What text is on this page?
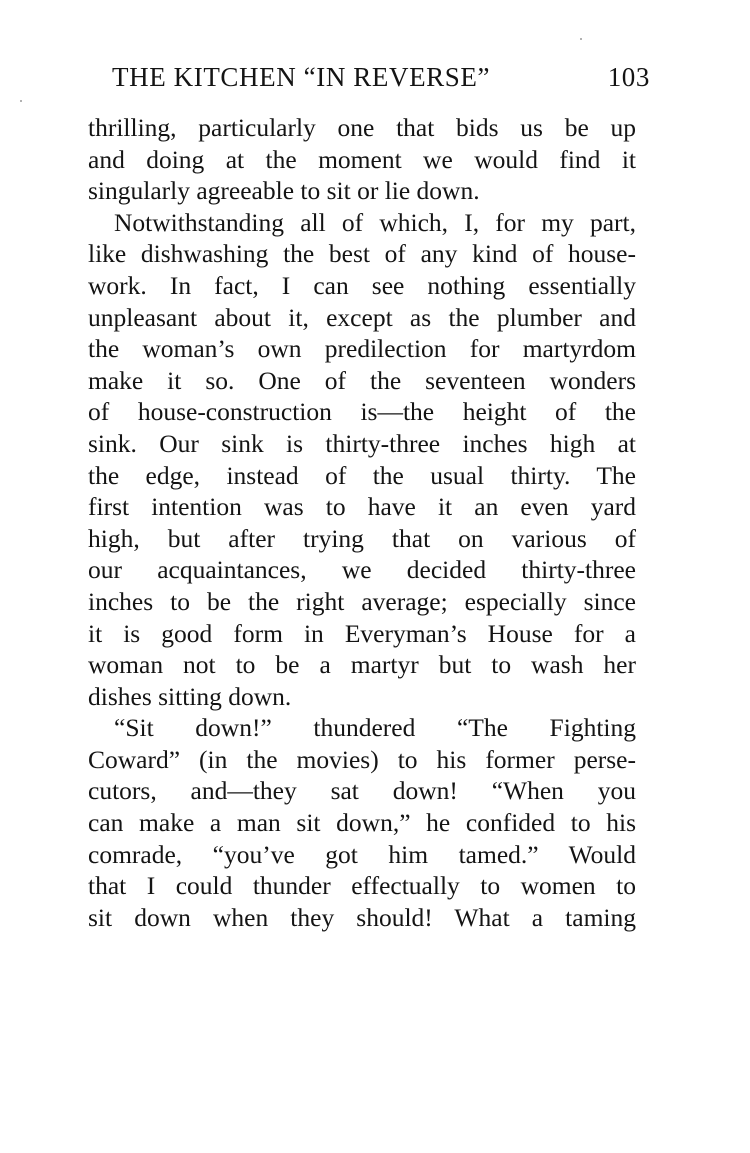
THE KITCHEN “IN REVERSE”	103
thrilling, particularly one that bids us be up
and doing at the moment we would find it
singularly agreeable to sit or lie down.
Notwithstanding all of which, I, for my part,
like dishwashing the best of any kind of house-
work. In fact, I can see nothing essentially
unpleasant about it, except as the plumber and
the woman’s own predilection for martyrdom
make it so. One of the seventeen wonders
of house-construction is—the height of the
sink. Our sink is thirty-three inches high at
the edge, instead of the usual thirty. The
first intention was to have it an even yard
high, but after trying that on various of
our acquaintances, we decided thirty-three
inches to be the right average; especially since
it is good form in Everyman’s House for a
woman not to be a martyr but to wash her
dishes sitting down.
“Sit down!” thundered “The Fighting
Coward” (in the movies) to his former perse-
cutors, and—they sat down! “When you
can make a man sit down,” he confided to his
comrade, “you’ve got him tamed.” Would
that I could thunder effectually to women to
sit down when they should! What a taming
